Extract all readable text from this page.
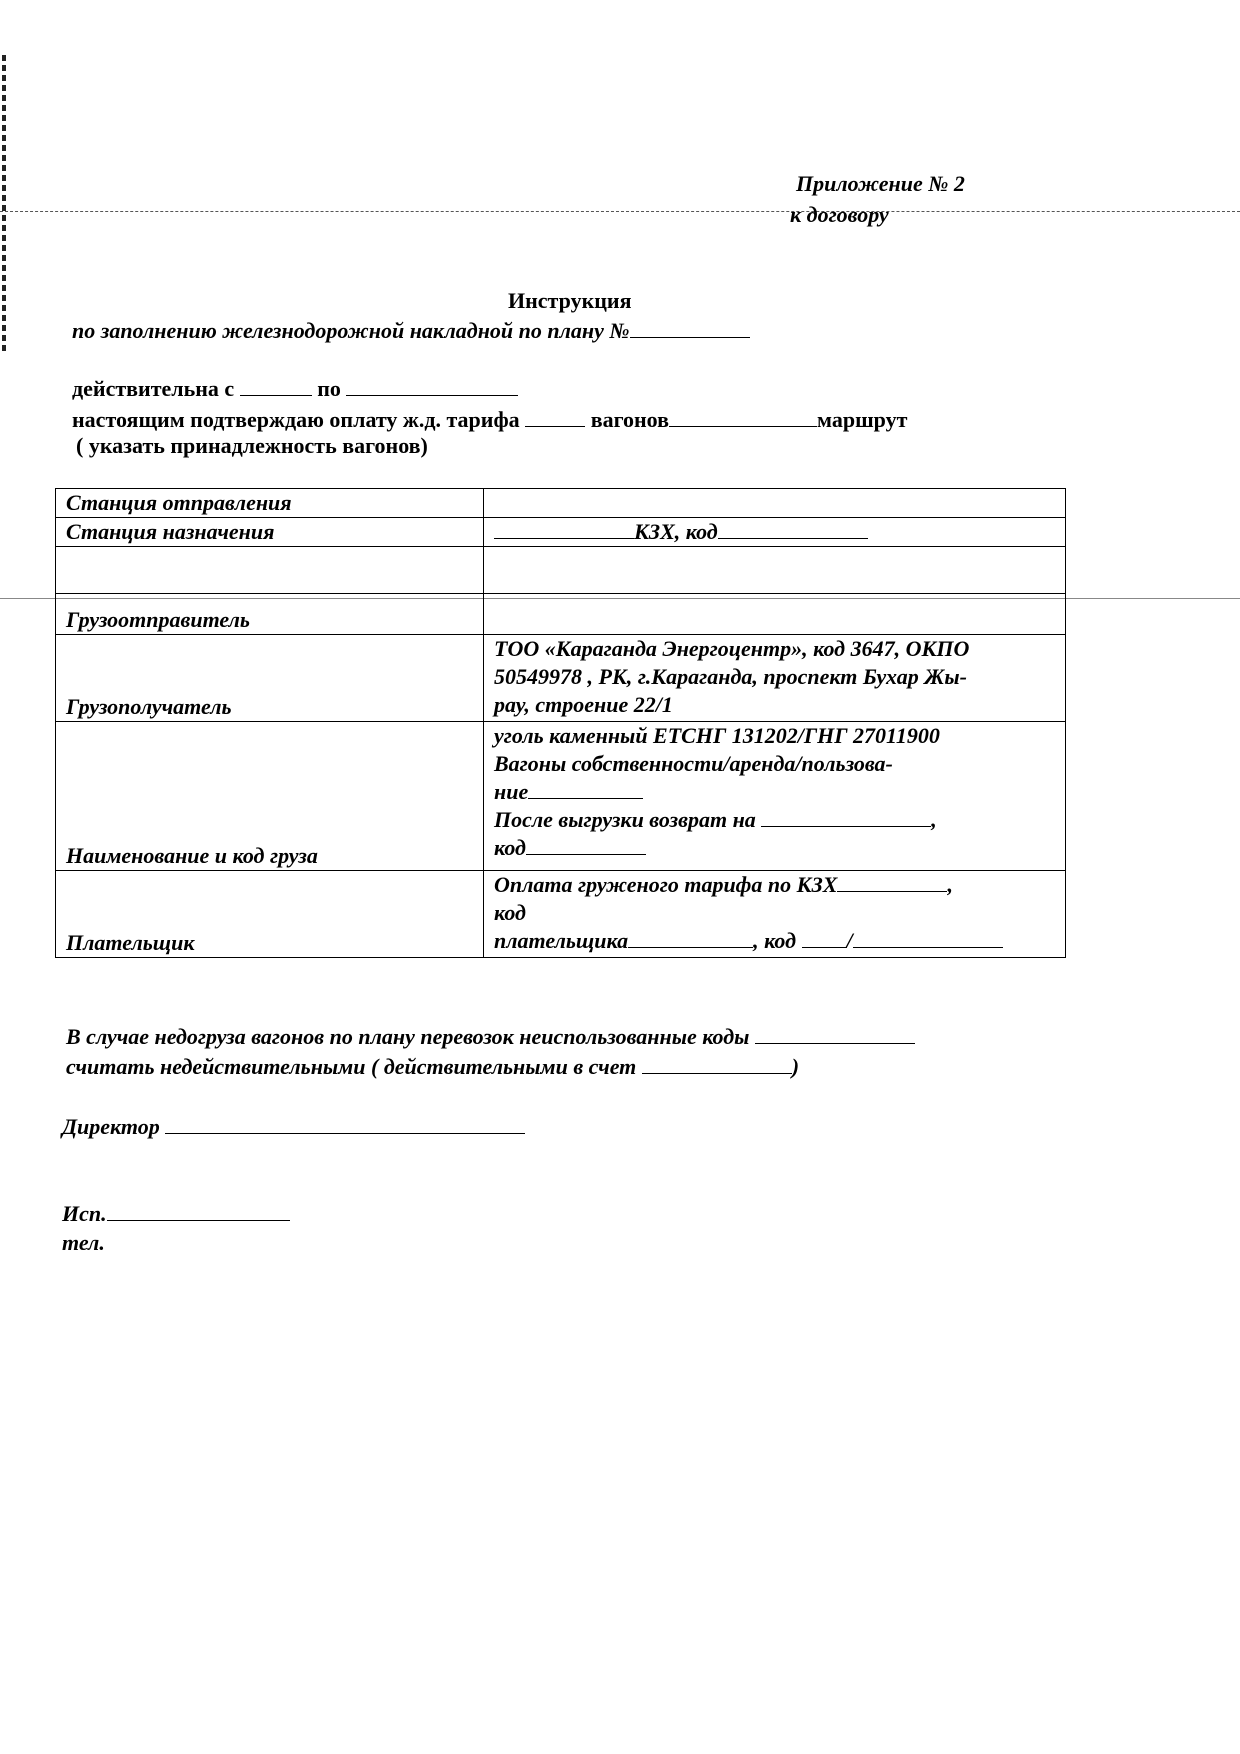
Приложение № 2
к договору
Инструкция
по заполнению железнодорожной накладной по плану №
действительна с	по
настоящим подтверждаю оплату ж.д. тарифа	вагонов	маршрут
( указать принадлежность вагонов)
Станция отправления	
Станция назначения	КЗХ, код

Грузоотправитель	
Грузополучатель	ТОО «Караганда Энергоцентр», код 3647, ОКПО
50549978 , РК, г.Караганда, проспект Бухар Жы-
рау, строение 22/1

Наименование и код груза	уголь каменный ЕТСНГ 131202/ГНГ 27011900
Вагоны собственности/аренда/пользова-
ние
После выгрузки возврат на ,
код

Плательщик	Оплата груженого тарифа по КЗХ ,
код
плательщика , код /
В случае недогруза вагонов по плану перевозок неиспользованные коды
считать недействительными ( действительными в счет	)
Директор
Исп.
тел.
